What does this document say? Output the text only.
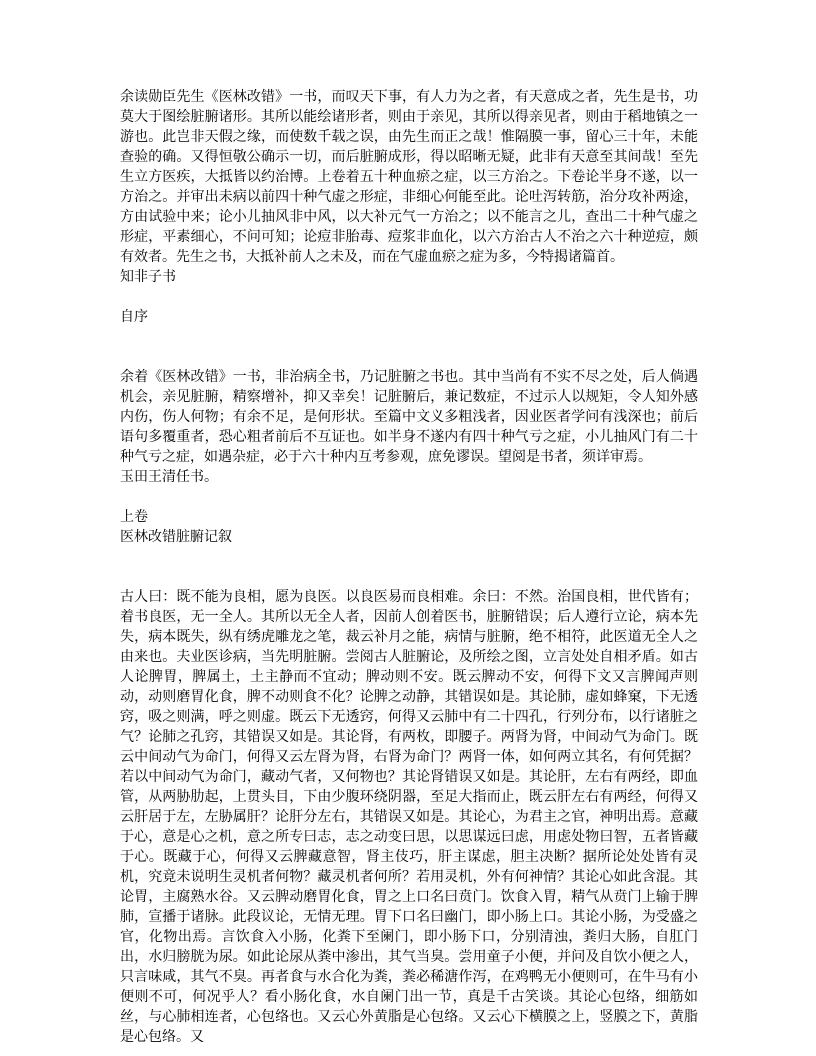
余读勋臣先生《医林改错》一书，而叹天下事，有人力为之者，有天意成之者，先生是书，功莫大于图绘脏腑诸形。其所以能绘诸形者，则由于亲见，其所以得亲见者，则由于稻地镇之一游也。此岂非天假之缘，而使数千载之误，由先生而正之哉！惟隔膜一事，留心三十年，未能查验的确。又得恒敬公确示一切，而后脏腑成形，得以昭晰无疑，此非有天意至其间哉！至先生立方医疾，大抵皆以约治博。上卷着五十种血瘀之症，以三方治之。下卷论半身不遂，以一方治之。并审出未病以前四十种气虚之形症，非细心何能至此。论吐泻转筋，治分攻补两途，方由试验中来；论小儿抽风非中风，以大补元气一方治之；以不能言之儿，查出二十种气虚之形症，平素细心，不问可知；论痘非胎毒、痘浆非血化，以六方治古人不治之六十种逆痘，颇有效者。先生之书，大抵补前人之未及，而在气虚血瘀之症为多，今特揭诸篇首。

知非子书

自序

余着《医林改错》一书，非治病全书，乃记脏腑之书也。其中当尚有不实不尽之处，后人倘遇机会，亲见脏腑，精察增补，抑又幸矣！记脏腑后，兼记数症，不过示人以规矩，令人知外感内伤，伤人何物；有余不足，是何形状。至篇中文义多粗浅者，因业医者学问有浅深也；前后语句多覆重者，恐心粗者前后不互证也。如半身不遂内有四十种气亏之症，小儿抽风门有二十种气亏之症，如遇杂症，必于六十种内互考参观，庶免谬误。望阅是书者，须详审焉。

玉田王清任书。

上卷

医林改错脏腑记叙

古人曰：既不能为良相，愿为良医。以良医易而良相难。余曰：不然。治国良相，世代皆有；着书良医，无一全人。其所以无全人者，因前人创着医书，脏腑错误；后人遵行立论，病本先失，病本既失，纵有绣虎雕龙之笔，裁云补月之能，病情与脏腑，绝不相符，此医道无全人之由来也。夫业医诊病，当先明脏腑。尝阅古人脏腑论，及所绘之图，立言处处自相矛盾。如古人论脾胃，脾属土，土主静而不宜动；脾动则不安。既云脾动不安，何得下文又言脾闻声则动，动则磨胃化食，脾不动则食不化？论脾之动静，其错误如是。其论肺，虚如蜂窠，下无透窍，吸之则满，呼之则虚。既云下无透窍，何得又云肺中有二十四孔，行列分布，以行诸脏之气？论肺之孔窍，其错误又如是。其论肾，有两枚，即腰子。两肾为肾，中间动气为命门。既云中间动气为命门，何得又云左肾为肾，右肾为命门？两肾一体，如何两立其名，有何凭据？若以中间动气为命门，藏动气者，又何物也？其论肾错误又如是。其论肝，左右有两经，即血管，从两胁肋起，上贯头目，下由少腹环绕阴器，至足大指而止，既云肝左右有两经，何得又云肝居于左，左胁属肝？论肝分左右，其错误又如是。其论心，为君主之官，神明出焉。意藏于心，意是心之机，意之所专曰志，志之动变曰思，以思谋远曰虑，用虑处物曰智，五者皆藏于心。既藏于心，何得又云脾藏意智，肾主伎巧，肝主谋虑，胆主决断？据所论处处皆有灵机，究竟未说明生灵机者何物？藏灵机者何所？若用灵机，外有何神情？其论心如此含混。其论胃，主腐熟水谷。又云脾动磨胃化食，胃之上口名曰贲门。饮食入胃，精气从贲门上输于脾肺，宣播于诸脉。此段议论，无情无理。胃下口名曰幽门，即小肠上口。其论小肠，为受盛之官，化物出焉。言饮食入小肠，化粪下至阑门，即小肠下口，分别清浊，粪归大肠，自肛门出，水归膀胱为尿。如此论尿从粪中渗出，其气当臭。尝用童子小便，并问及自饮小便之人，只言味咸，其气不臭。再者食与水合化为粪，粪必稀溏作泻，在鸡鸭无小便则可，在牛马有小便则不可，何况乎人？看小肠化食，水自阑门出一节，真是千古笑谈。其论心包络，细筋如丝，与心肺相连者，心包络也。又云心外黄脂是心包络。又云心下横膜之上，竖膜之下，黄脂是心包络。又
